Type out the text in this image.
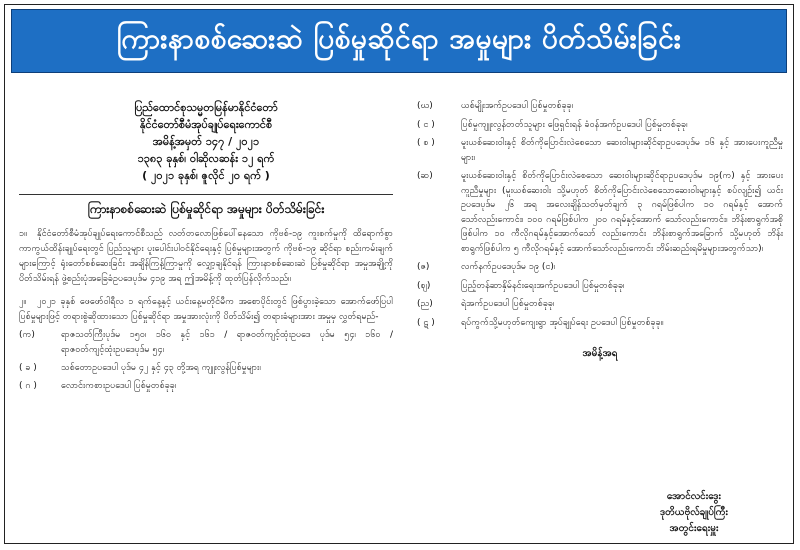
ကြားနာစစ်ဆေးဆဲ ပြစ်မှုဆိုင်ရာ အမှုများ ပိတ်သိမ်းခြင်း
ပြည်ထောင်စုသမ္မတမြန်မာနိုင်ငံတော်
နိုင်ငံတော်စီမံအုပ်ချုပ်ရေးကောင်စီ
အမိန့်အမှတ် ၁၄၇ / ၂၀၂၁
၁၃၈၃ ခုနှစ်၊ ဝါဆိုလဆန်း ၁၂ ရက်
( ၂၀၂၁ ခုနှစ်၊ ဇူလိုင် ၂၀ ရက် )
ကြားနာစစ်ဆေးဆဲ ပြစ်မှုဆိုင်ရာ အမှုများ ပိတ်သိမ်းခြင်း
၁။ နိုင်ငံတော်စီမံအုပ်ချုပ်ရေးကောင်စီသည် လတ်တလောဖြစ်ပေါ်နေသော ကိုဗစ်-၁၉ ကူးစက်မှုကို ထိရောက်စွာ ကာကွယ်ထိန်းချုပ်ရေးတွင် ပြည်သူများ ပူးပေါင်းပါဝင်နိုင်ရေးနှင့် ပြစ်မှုများအတွက် ကိုဗစ်-၁၉ ဆိုင်ရာ စည်းကမ်းချက်များကြောင့် ရုံးတော်စစ်ဆေးခြင်း အချိန်ကြန့်ကြာမှုကို လျှော့ချနိုင်ရန် ကြားနာစစ်ဆေးဆဲ ပြစ်မှုဆိုင်ရာ အမှုအချို့ကို ပိတ်သိမ်းရန် ဖွဲ့စည်းပုံအခြေခံဥပဒေပုဒ်မ ၄၁၉ အရ ဤအမိန့်ကို ထုတ်ပြန်လိုက်သည်။
၂။ ၂၀၂၁ ခုနှစ် ဖေဖော်ဝါရီလ ၁ ရက်နေ့နှင့် ယင်းနေ့မတိုင်မီက အစောပိုင်းတွင် ဖြစ်ပွားခဲ့သော အောက်ဖော်ပြပါ ပြစ်မှုများဖြင့် တရားစွဲဆိုထားသော ပြစ်မှုဆိုင်ရာ အမှုအားလုံးကို ပိတ်သိမ်း၍ တရားခံများအား အမှုမှ လွှတ်ရမည်-
(က)	ရာဇသတ်ကြီးပုဒ်မ ၁၅၀၊ ၁၆၀ နှင့် ၁၆၁ / ရာဇဝတ်ကျင့်ထုံးဥပဒေ ပုဒ်မ ၅၄၊ ၁၆၀ / ရာဇဝတ်ကျင့်ထုံးဥပဒေပုဒ်မ ၅၄၊
( ခ )	သစ်တောဥပဒေပါ ပုဒ်မ ၄၂ နှင့် ၄၃ တို့အရ ကျူးလွန်ပြစ်မှုများ၊
( ဂ )	လောင်းကစားဥပဒေပါ ပြစ်မှုတစ်ခုခု၊
(ဃ)	ယစ်မျိုးအက်ဥပဒေပါ ပြစ်မှုတစ်ခုခု၊
( င )	ပြစ်မှုကျူးလွန်တတ်သူများ ဖြေရှင်းရန် ခံဝန်အက်ဥပဒေပါ ပြစ်မှုတစ်ခုခု၊
( စ )	မူးယစ်ဆေးဝါးနှင့် စိတ်ကိုပြောင်းလဲစေသော ဆေးဝါးများဆိုင်ရာဥပဒေပုဒ်မ ၁၆ နှင့် အားပေးကူညီမှုများ၊
(ဆ)	မူးယစ်ဆေးဝါးနှင့် စိတ်ကိုပြောင်းလဲစေသော ဆေးဝါးများဆိုင်ရာဥပဒေပုဒ်မ ၁၉(က) နှင့် အားပေးကူညီမှုများ (မူးယစ်ဆေးဝါး သို့မဟုတ် စိတ်ကိုပြောင်းလဲစေသောဆေးဝါးများနှင့် စပ်လျဉ်း၍ ယင်းဥပဒေပုဒ်မ ၂၆ အရ အလေးချိန်သတ်မှတ်ချက် ၃ ဂရမ်ဖြစ်ပါက ၁၀ ဂရမ်နှင့် အောက်သော်လည်းကောင်း၊ ၁၀၀ ဂရမ်ဖြစ်ပါက ၂၀၀ ဂရမ်နှင့်အောက် သော်လည်းကောင်း၊ ဘိန်းစာရွက်အစိုဖြစ်ပါက ၁၀ ကီလိုဂရမ်နှင့်အောက်သော် လည်းကောင်း ဘိန်းစာရွက်အခြောက် သို့မဟုတ် ဘိန်းစာရွက်ဖြစ်ပါက ၅ ကီလိုဂရမ်နှင့် အောက်သော်လည်းကောင်း ဘိမ်းဆည်းရမိမှုများအတွက်သာ)၊
(ဇ)	လက်နက်ဥပဒေပုဒ်မ ၁၉ (င)၊
(ဈ)	ပြည့်တန်ဆာနှိမ်နင်းရေးအက်ဥပဒေပါ ပြစ်မှုတစ်ခုခု၊
(ည)	ရဲအက်ဥပဒေပါ ပြစ်မှုတစ်ခုခု၊
( ဋ )	ရပ်ကွက်သို့မဟုတ်ကျေးရွာ အုပ်ချုပ်ရေး ဥပဒေပါ ပြစ်မှုတစ်ခုခု။
အမိန့်အရ
အောင်လင်းဒွေး
ဒုတိယဗိုလ်ချုပ်ကြီး
အတွင်းရေးမှူး
